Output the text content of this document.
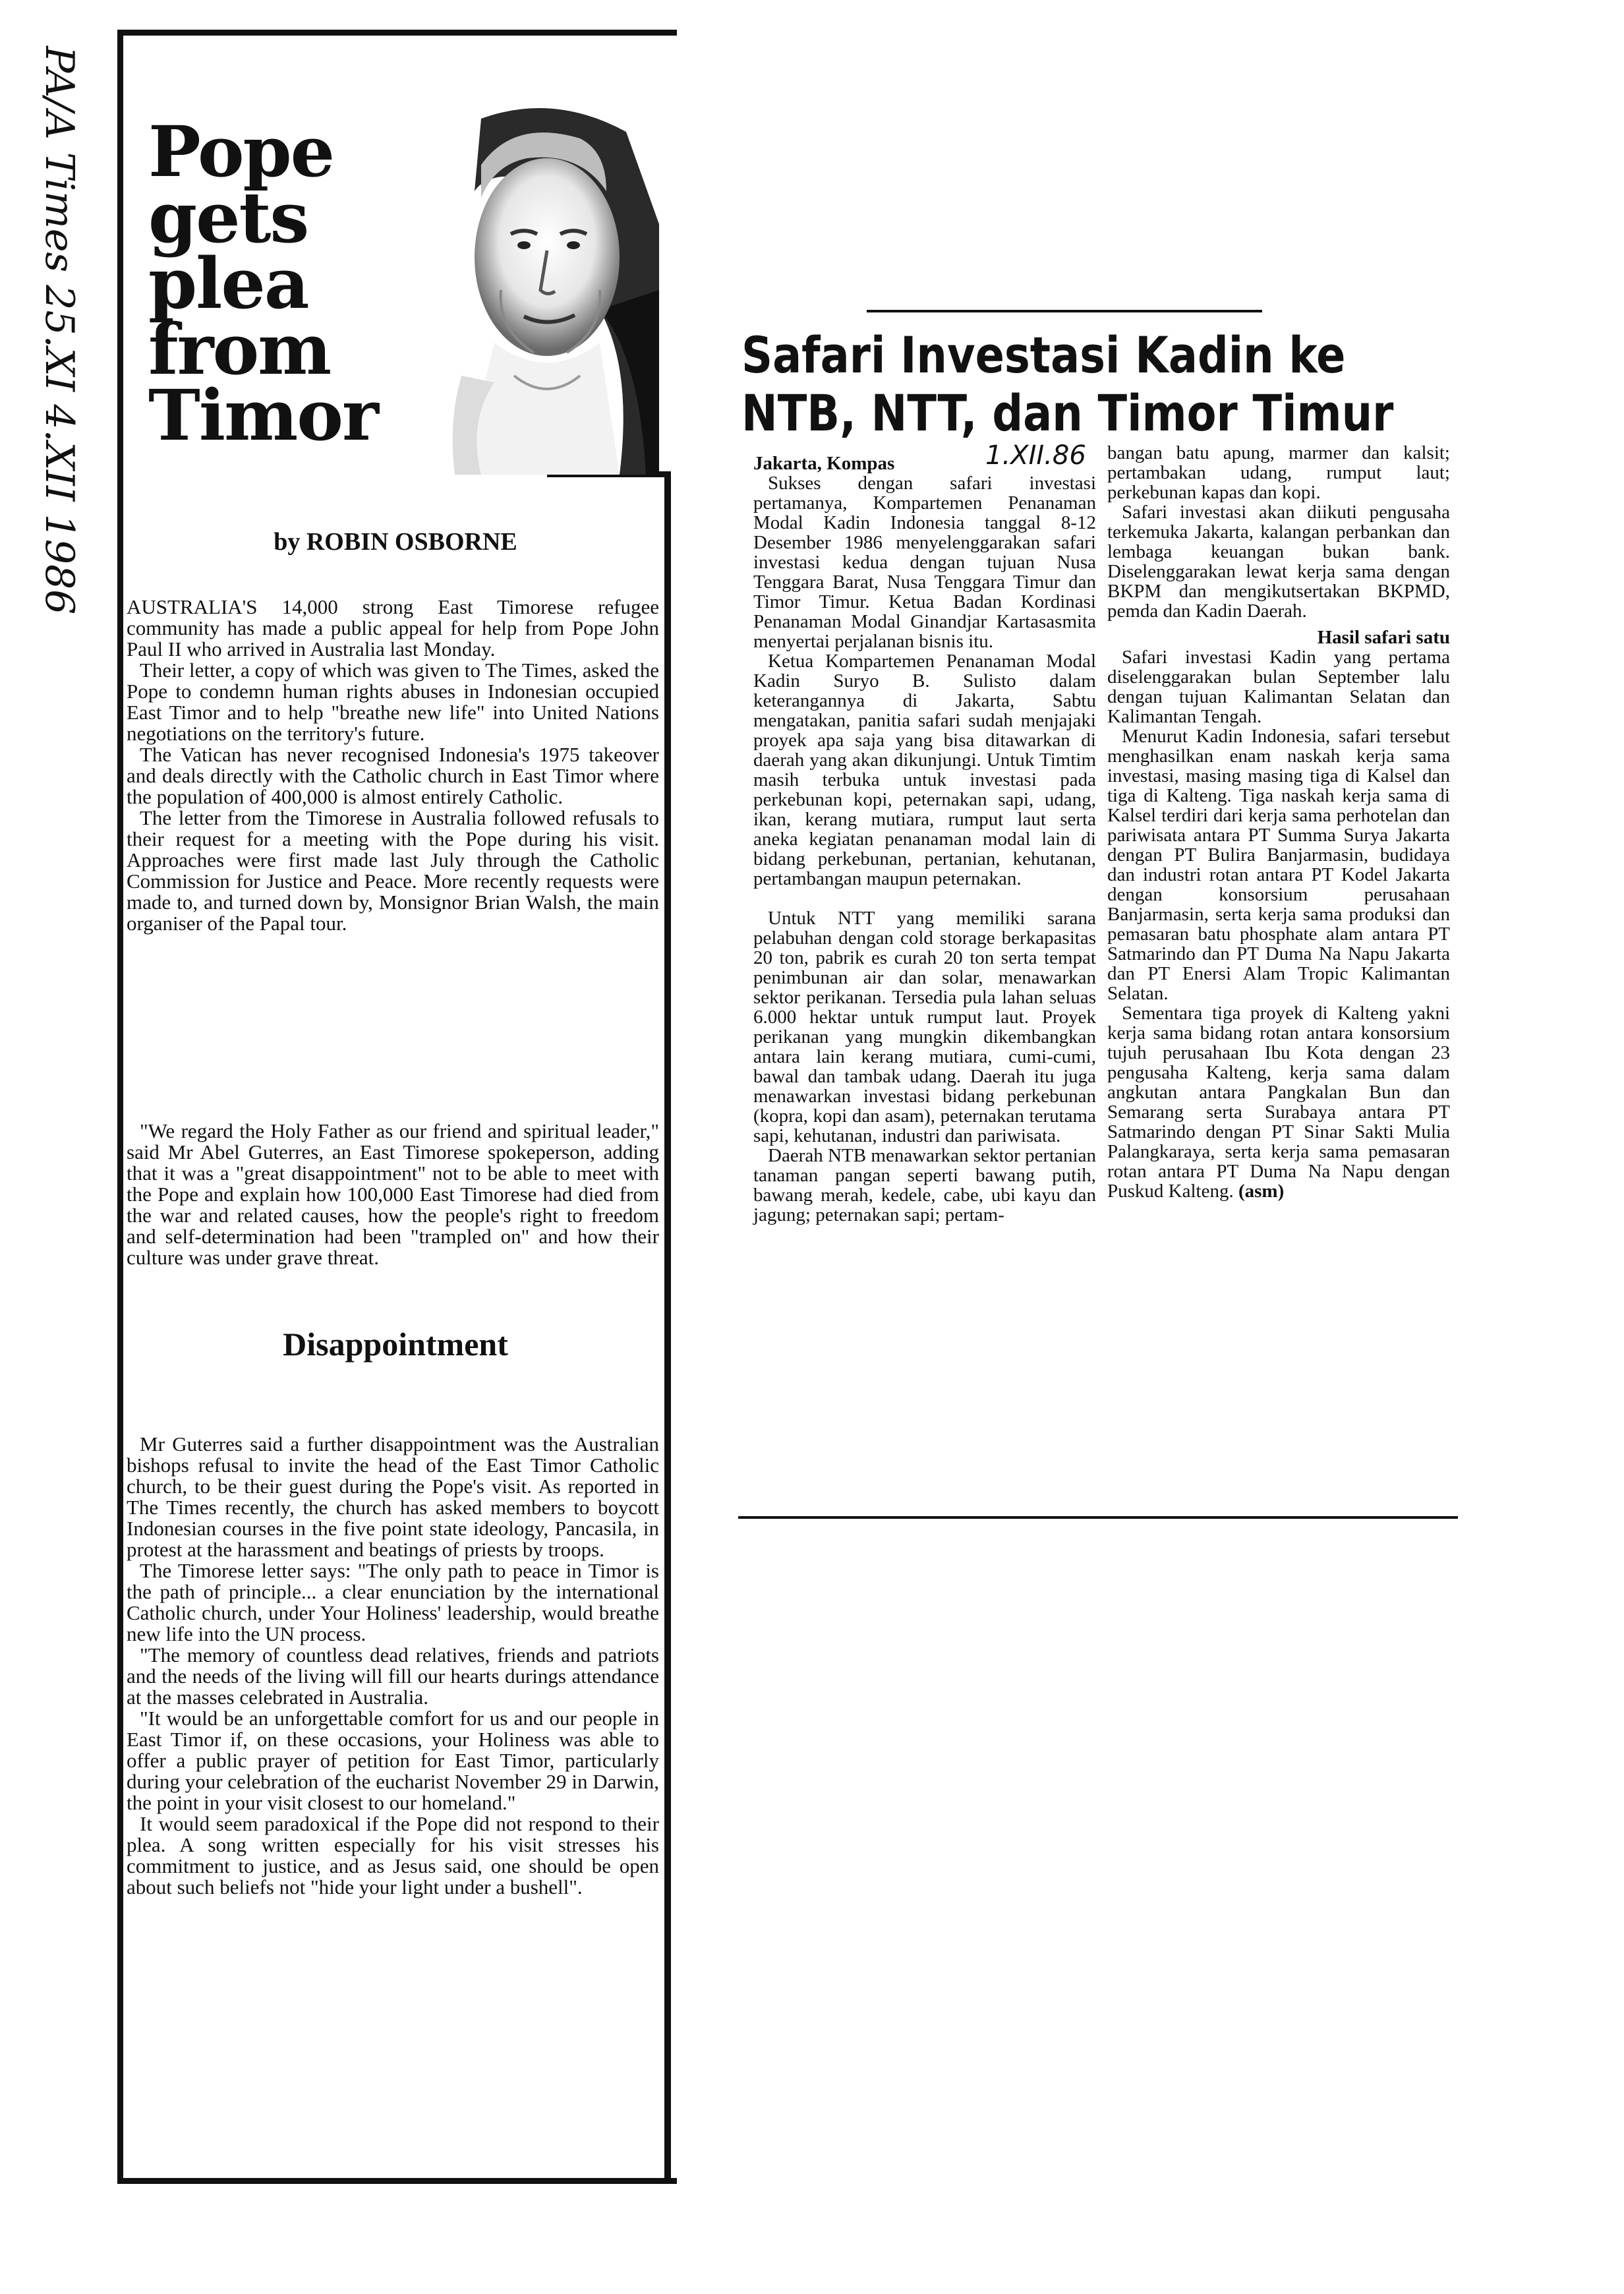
PA/A Times 25.XI 4.XII 1986 Pope
gets
plea
from
Timor
by ROBIN OSBORNE

AUSTRALIA'S 14,000 strong East Timorese refugee community has made a public appeal for help from Pope John Paul II who arrived in Australia last Monday.

Their letter, a copy of which was given to The Times, asked the Pope to condemn human rights abuses in Indonesian occupied East Timor and to help "breathe new life" into United Nations negotiations on the territory's future.

The Vatican has never recognised Indonesia's 1975 takeover and deals directly with the Catholic church in East Timor where the population of 400,000 is almost entirely Catholic.

The letter from the Timorese in Australia followed refusals to their request for a meeting with the Pope during his visit. Approaches were first made last July through the Catholic Commission for Justice and Peace. More recently requests were made to, and turned down by, Monsignor Brian Walsh, the main organiser of the Papal tour.

"We regard the Holy Father as our friend and spiritual leader," said Mr Abel Guterres, an East Timorese spokeperson, adding that it was a "great disappointment" not to be able to meet with the Pope and explain how 100,000 East Timorese had died from the war and related causes, how the people's right to freedom and self-determination had been "trampled on" and how their culture was under grave threat.

Disappointment

Mr Guterres said a further disappointment was the Australian bishops refusal to invite the head of the East Timor Catholic church, to be their guest during the Pope's visit. As reported in The Times recently, the church has asked members to boycott Indonesian courses in the five point state ideology, Pancasila, in protest at the harassment and beatings of priests by troops.

The Timorese letter says: "The only path to peace in Timor is the path of principle... a clear enunciation by the international Catholic church, under Your Holiness' leadership, would breathe new life into the UN process.

"The memory of countless dead relatives, friends and patriots and the needs of the living will fill our hearts durings attendance at the masses celebrated in Australia.

"It would be an unforgettable comfort for us and our people in East Timor if, on these occasions, your Holiness was able to offer a public prayer of petition for East Timor, particularly during your celebration of the eucharist November 29 in Darwin, the point in your visit closest to our homeland."

It would seem paradoxical if the Pope did not respond to their plea. A song written especially for his visit stresses his commitment to justice, and as Jesus said, one should be open about such beliefs not "hide your light under a bushell".

Safari Investasi Kadin ke
NTB, NTT, dan Timor Timur
1.XII.86

Jakarta, Kompas

Sukses dengan safari investasi pertamanya, Kompartemen Penanaman Modal Kadin Indonesia tanggal 8-12 Desember 1986 menyelenggarakan safari investasi kedua dengan tujuan Nusa Tenggara Barat, Nusa Tenggara Timur dan Timor Timur. Ketua Badan Kordinasi Penanaman Modal Ginandjar Kartasasmita menyertai perjalanan bisnis itu.

Ketua Kompartemen Penanaman Modal Kadin Suryo B. Sulisto dalam keterangannya di Jakarta, Sabtu mengatakan, panitia safari sudah menjajaki proyek apa saja yang bisa ditawarkan di daerah yang akan dikunjungi. Untuk Timtim masih terbuka untuk investasi pada perkebunan kopi, peternakan sapi, udang, ikan, kerang mutiara, rumput laut serta aneka kegiatan penanaman modal lain di bidang perkebunan, pertanian, kehutanan, pertambangan maupun peternakan.

Untuk NTT yang memiliki sarana pelabuhan dengan cold storage berkapasitas 20 ton, pabrik es curah 20 ton serta tempat penimbunan air dan solar, menawarkan sektor perikanan. Tersedia pula lahan seluas 6.000 hektar untuk rumput laut. Proyek perikanan yang mungkin dikembangkan antara lain kerang mutiara, cumi-cumi, bawal dan tambak udang. Daerah itu juga menawarkan investasi bidang perkebunan (kopra, kopi dan asam), peternakan terutama sapi, kehutanan, industri dan pariwisata.

Daerah NTB menawarkan sektor pertanian tanaman pangan seperti bawang putih, bawang merah, kedele, cabe, ubi kayu dan jagung; peternakan sapi; pertam-

bangan batu apung, marmer dan kalsit; pertambakan udang, rumput laut; perkebunan kapas dan kopi.

Safari investasi akan diikuti pengusaha terkemuka Jakarta, kalangan perbankan dan lembaga keuangan bukan bank. Diselenggarakan lewat kerja sama dengan BKPM dan mengikutsertakan BKPMD, pemda dan Kadin Daerah.

Hasil safari satu

Safari investasi Kadin yang pertama diselenggarakan bulan September lalu dengan tujuan Kalimantan Selatan dan Kalimantan Tengah.

Menurut Kadin Indonesia, safari tersebut menghasilkan enam naskah kerja sama investasi, masing masing tiga di Kalsel dan tiga di Kalteng. Tiga naskah kerja sama di Kalsel terdiri dari kerja sama perhotelan dan pariwisata antara PT Summa Surya Jakarta dengan PT Bulira Banjarmasin, budidaya dan industri rotan antara PT Kodel Jakarta dengan konsorsium perusahaan Banjarmasin, serta kerja sama produksi dan pemasaran batu phosphate alam antara PT Satmarindo dan PT Duma Na Napu Jakarta dan PT Enersi Alam Tropic Kalimantan Selatan.

Sementara tiga proyek di Kalteng yakni kerja sama bidang rotan antara konsorsium tujuh perusahaan Ibu Kota dengan 23 pengusaha Kalteng, kerja sama dalam angkutan antara Pangkalan Bun dan Semarang serta Surabaya antara PT Satmarindo dengan PT Sinar Sakti Mulia Palangkaraya, serta kerja sama pemasaran rotan antara PT Duma Na Napu dengan Puskud Kalteng. (asm)
